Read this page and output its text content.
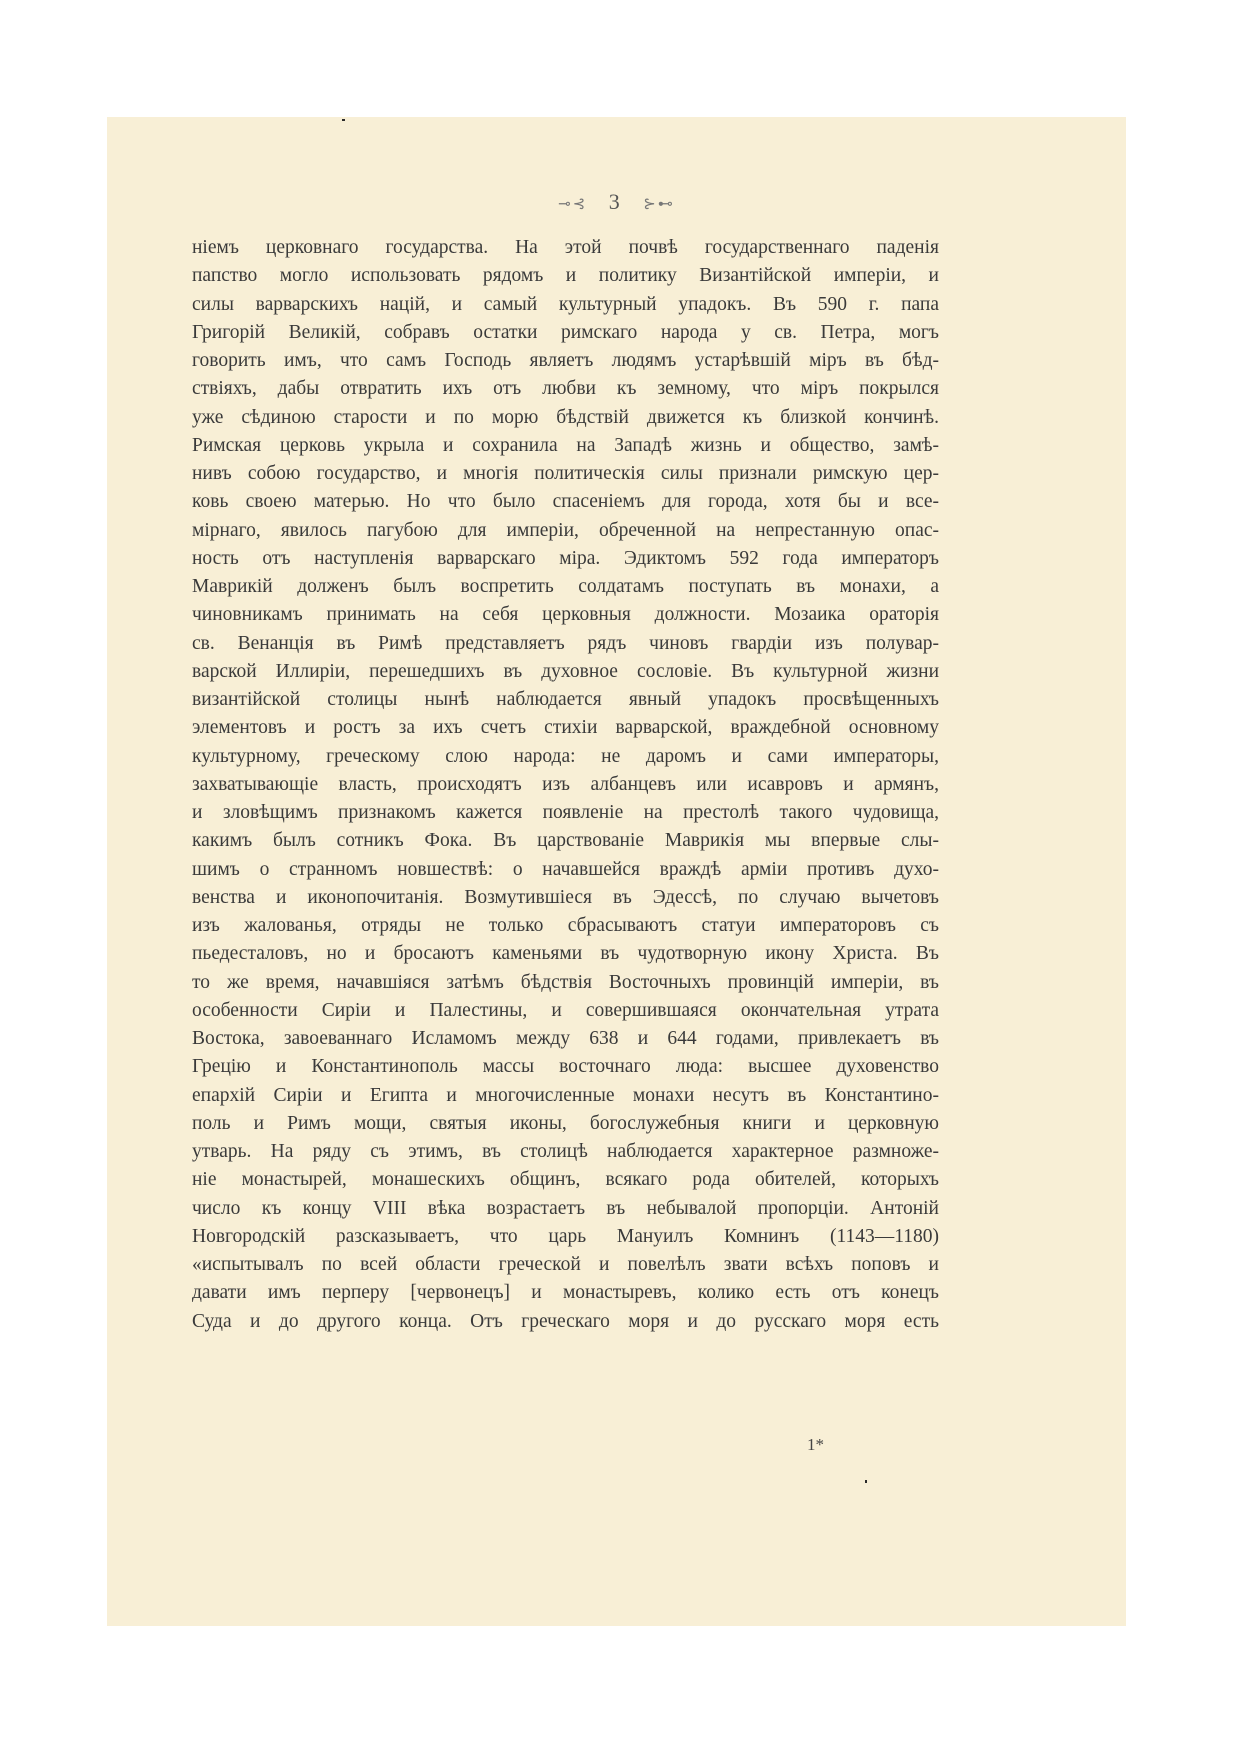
⊸⊰ 3 ⊱⊷
ніемъ церковнаго государства. На этой почвѣ государственнаго паденія
папство могло использовать рядомъ и политику Византійской имперіи, и
силы варварскихъ націй, и самый культурный упадокъ. Въ 590 г. папа
Григорій Великій, собравъ остатки римскаго народа у св. Петра, могъ
говорить имъ, что самъ Господь являетъ людямъ устарѣвшій міръ въ бѣд-
ствіяхъ, дабы отвратить ихъ отъ любви къ земному, что міръ покрылся
уже сѣдиною старости и по морю бѣдствій движется къ близкой кончинѣ.
Римская церковь укрыла и сохранила на Западѣ жизнь и общество, замѣ-
нивъ собою государство, и многія политическія силы признали римскую цер-
ковь своею матерью. Но что было спасеніемъ для города, хотя бы и все-
мірнаго, явилось пагубою для имперіи, обреченной на непрестанную опас-
ность отъ наступленія варварскаго міра. Эдиктомъ 592 года императоръ
Маврикій долженъ былъ воспретить солдатамъ поступать въ монахи, а
чиновникамъ принимать на себя церковныя должности. Мозаика ораторія
св. Венанція въ Римѣ представляетъ рядъ чиновъ гвардіи изъ полувар-
варской Иллиріи, перешедшихъ въ духовное сословіе. Въ культурной жизни
византійской столицы нынѣ наблюдается явный упадокъ просвѣщенныхъ
элементовъ и ростъ за ихъ счетъ стихіи варварской, враждебной основному
культурному, греческому слою народа: не даромъ и сами императоры,
захватывающіе власть, происходятъ изъ албанцевъ или исавровъ и армянъ,
и зловѣщимъ признакомъ кажется появленіе на престолѣ такого чудовища,
какимъ былъ сотникъ Фока. Въ царствованіе Маврикія мы впервые слы-
шимъ о странномъ новшествѣ: о начавшейся враждѣ арміи противъ духо-
венства и иконопочитанія. Возмутившіеся въ Эдессѣ, по случаю вычетовъ
изъ жалованья, отряды не только сбрасываютъ статуи императоровъ съ
пьедесталовъ, но и бросаютъ каменьями въ чудотворную икону Христа. Въ
то же время, начавшіяся затѣмъ бѣдствія Восточныхъ провинцій имперіи, въ
особенности Сиріи и Палестины, и совершившаяся окончательная утрата
Востока, завоеваннаго Исламомъ между 638 и 644 годами, привлекаетъ въ
Грецію и Константинополь массы восточнаго люда: высшее духовенство
епархій Сиріи и Египта и многочисленные монахи несутъ въ Константино-
поль и Римъ мощи, святыя иконы, богослужебныя книги и церковную
утварь. На ряду съ этимъ, въ столицѣ наблюдается характерное размноже-
ніе монастырей, монашескихъ общинъ, всякаго рода обителей, которыхъ
число къ концу VIII вѣка возрастаетъ въ небывалой пропорціи. Антоній
Новгородскій разсказываетъ, что царь Мануилъ Комнинъ (1143—1180)
«испытывалъ по всей области греческой и повелѣлъ звати всѣхъ поповъ и
давати имъ перперу [червонецъ] и монастыревъ, колико есть отъ конецъ
Суда и до другого конца. Отъ греческаго моря и до русскаго моря есть
1*
